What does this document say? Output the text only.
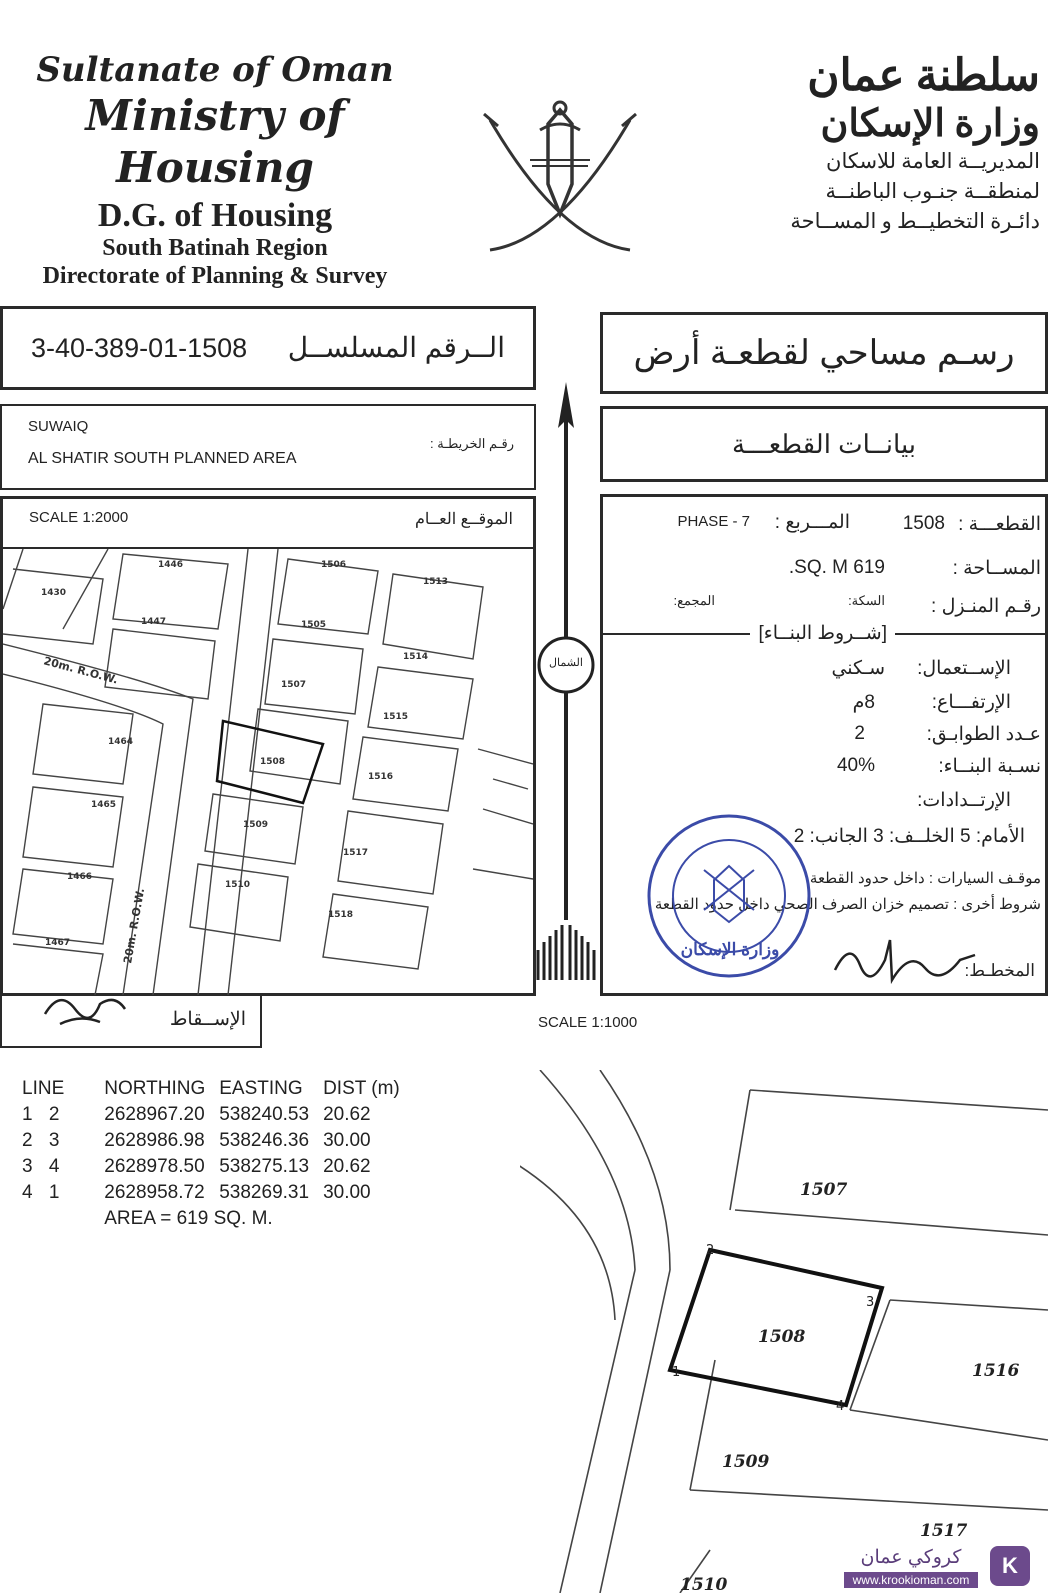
Sultanate of Oman
Ministry of Housing
D.G. of Housing
South Batinah Region
Directorate of Planning & Survey
سلطنة عمان
وزارة الإسكان
المديريــة العامة للاسكان
لمنطقــة جنـوب الباطنــة
دائـرة التخطيــط و المســاحة
3-40-389-01-1508 الــرقم المسلســل	رسـم مساحي لقطعـة أرض
SUWAIQ
AL SHATIR SOUTH PLANNED AREA
رقـم الخريطـة :	بيانــات القطعـــة
الشمال
SCALE 1:2000	الموقــع العــام
1446
1430
1447
1506
1513
1505
1514
1507
1515
1464
1508
1516
1465
1509
1517
1466
1510
1518
1467
20m. R.O.W.
20m. R.O.W.
القطعـــة :
1508
المـــربع :
PHASE - 7
المســاحة :
619 SQ. M.
رقـم المنـزل :
السكة:
المجمع:
[شــروط البنــاء]
الإســتعمال:
سـكني
الإرتفـــاع:
8م
عـدد الطوابـق:
2
نسـبة البنــاء:
40%
الإرتــدادات:
الأمام: 5 الخلــف: 3 الجانب: 2
موقـف السيارات : داخل حدود القطعة
شروط أخرى : تصميم خزان الصرف الصحي داخل حدود القطعة
المخطـط:
وزارة الإسكان
الإســقاط	SCALE 1:1000
LINE		NORTHING	EASTING	DIST (m)
1	2	2628967.20	538240.53	20.62
2	3	2628986.98	538246.36	30.00
3	4	2628978.50	538275.13	20.62
4	1	2628958.72	538269.31	30.00
		AREA = 619 SQ. M.		
1507
1508
1516
1509
1517
1510
1
2
3
4
كروكي عمان
www.krookioman.com
K
